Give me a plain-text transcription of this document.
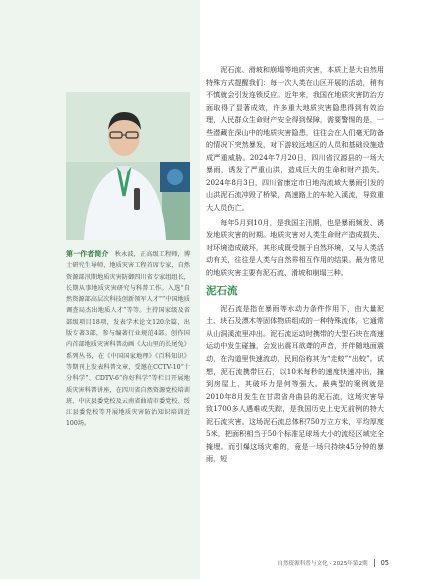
第一作者简介　秋永波，正高级工程师，博士研究生导师，地质灾害工程首席专家，自然资源部汛期地质灾害防御四川省专家组组长，长期从事地质灾害研究与科普工作。入选“自然资源部高层次科技创新领军人才”“中国地质调查局杰出地质人才”等等。主持国家级及省部级项目18项，发表学术论文120余篇，出版专著3部，参与编著行业规范4部。创作国内首部地质灾害科普动画《大山里的长尾兔》系列丛书，在《中国国家地理》《百科知识》等期刊上发表科普文章，受邀在CCTV-10“十分科学”、CDTV-6“你好科学”等栏目开展地质灾害科普讲座，在四川省自然资源党校培训班、中庆县委党校及云南省曲靖市委党校、绥江县委党校等开展地质灾害防治知识培训近100场。

泥石流、滑坡和崩塌等地质灾害，本质上是大自然用特殊方式提醒我们：每一次人类在山区开展的活动，稍有不慎就会引发连锁反应。近年来，我国在地质灾害防治方面取得了显著成效，许多重大地质灾害隐患得到有效治理，人民群众生命财产安全得到保障，需要警惕的是，一些潜藏在深山中的地质灾害隐患，往往会在人们毫无防备的情况下突然暴发，对下游较远地区的人员和基础设施造成严重威胁。2024年7月20日，四川省汉源县的一场大暴雨，诱发了严重山洪，造成巨大的生命和财产损失。2024年8月3日，四川省康定市日地沟流域大暴雨引发的山洪泥石流冲毁了桥梁，高速路上的车轮入溪流，导致重大人员伤亡。

每年5月到10月，是我国主汛期，也是暴雨频发、诱发地质灾害的时期。地质灾害对人类生命财产造成损失、对环境造成破坏，其形成既受制于自然环境，又与人类活动有关，往往是人类与自然界相互作用的结果。最为常见的地质灾害主要有泥石流、滑坡和崩塌三种。

泥石流

泥石流是指在暴雨等水动力条件作用下，由大量泥土、块石及漂木等固体物质组成的一种特殊流体，它通常从山洞溪流里冲出。泥石流运动时携带的大型石块在高速运动中发生碰撞，会发出震耳欲聋的声音，并伴随地面震动，在沟道里快速流动，民间俗称其为“走蛟”“出蛟”。试想，泥石流携带巨石，以10米每秒的速度快速冲出，撞到房屋上，其破坏力是何等强大。最典型的案例就是2010年8月发生在甘肃省舟曲县的泥石流，这场灾害导致1700多人遇难或失踪，是我国历史上史无前例的特大泥石流灾害。这场泥石流总体积750万立方米，平均厚度5米，把面积相当于50个标准足球场大小的流经区域完全掩埋。而引爆这场灾难的，竟是一场只持续45分钟的暴雨，短

自然资源科普与文化 · 2025年第2期 05
